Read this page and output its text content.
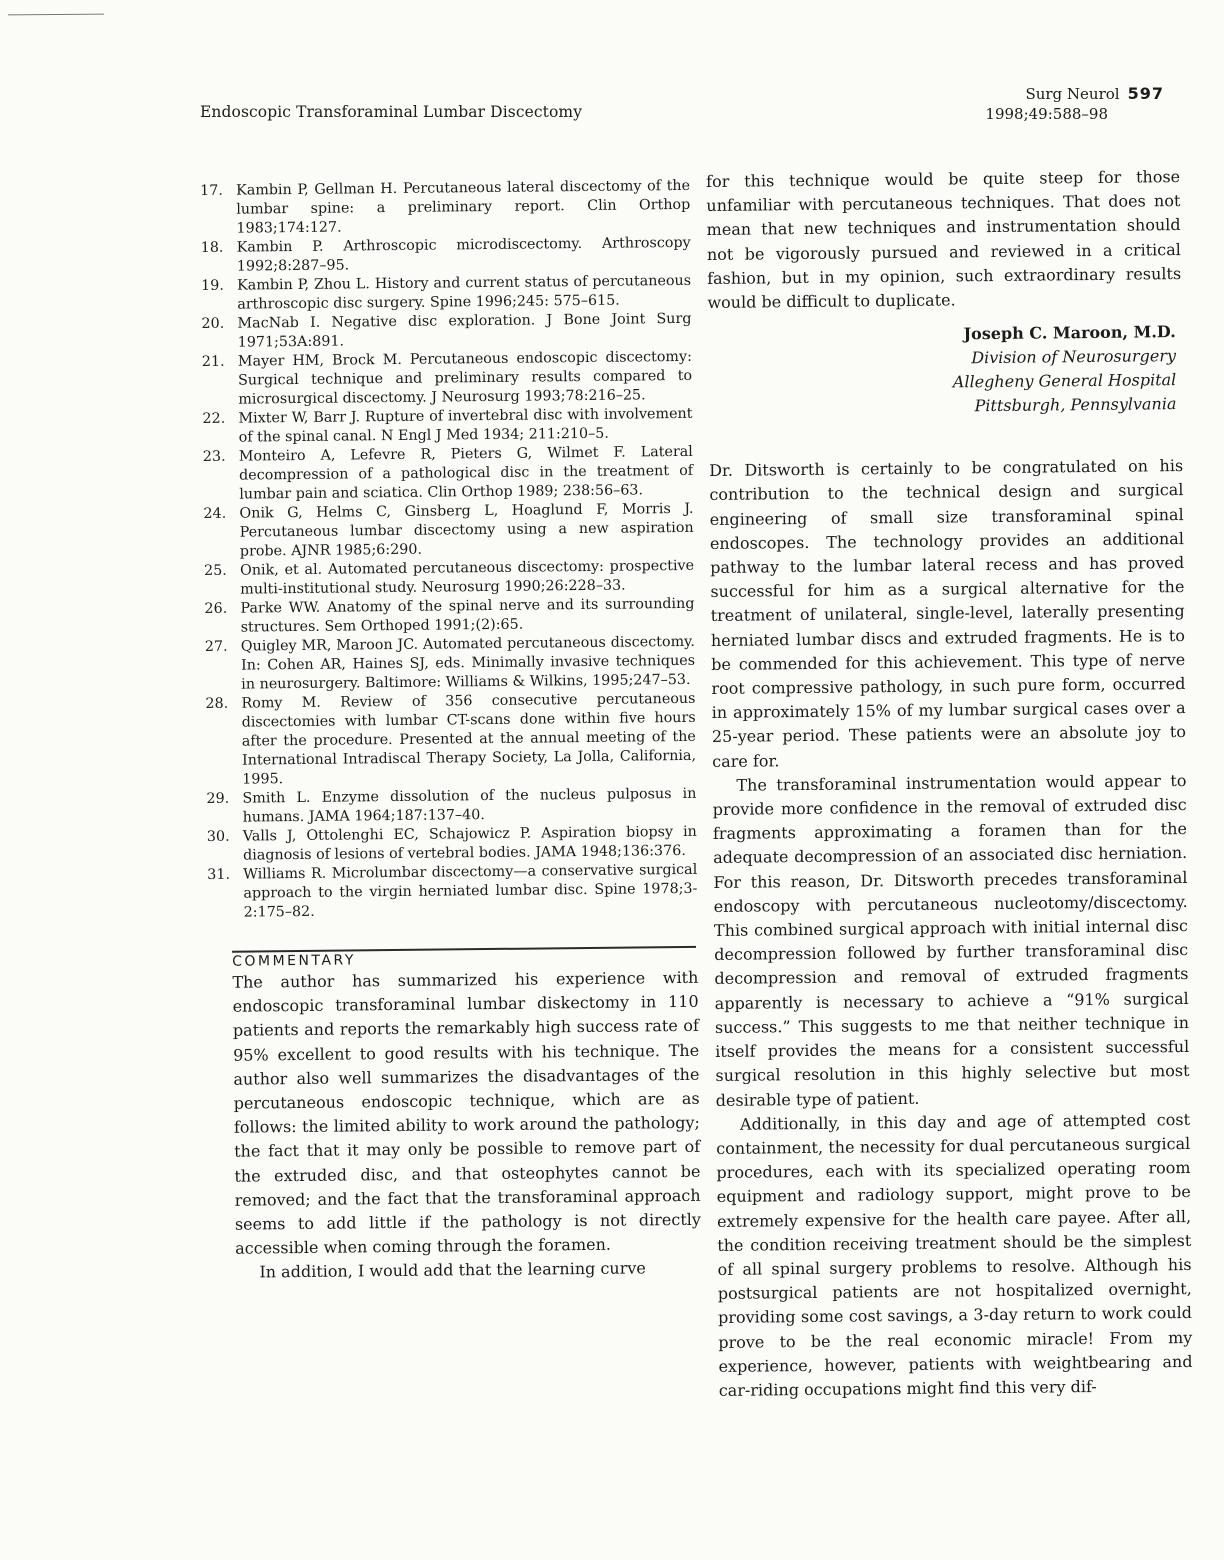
Endoscopic Transforaminal Lumbar Discectomy
Surg Neurol 597
1998;49:588–98
17. Kambin P, Gellman H. Percutaneous lateral discectomy of the lumbar spine: a preliminary report. Clin Orthop 1983;174:127.
18. Kambin P. Arthroscopic microdiscectomy. Arthroscopy 1992;8:287–95.
19. Kambin P, Zhou L. History and current status of percutaneous arthroscopic disc surgery. Spine 1996;245: 575–615.
20. MacNab I. Negative disc exploration. J Bone Joint Surg 1971;53A:891.
21. Mayer HM, Brock M. Percutaneous endoscopic discectomy: Surgical technique and preliminary results compared to microsurgical discectomy. J Neurosurg 1993;78:216–25.
22. Mixter W, Barr J. Rupture of invertebral disc with involvement of the spinal canal. N Engl J Med 1934; 211:210–5.
23. Monteiro A, Lefevre R, Pieters G, Wilmet F. Lateral decompression of a pathological disc in the treatment of lumbar pain and sciatica. Clin Orthop 1989; 238:56–63.
24. Onik G, Helms C, Ginsberg L, Hoaglund F, Morris J. Percutaneous lumbar discectomy using a new aspiration probe. AJNR 1985;6:290.
25. Onik, et al. Automated percutaneous discectomy: prospective multi-institutional study. Neurosurg 1990;26:228–33.
26. Parke WW. Anatomy of the spinal nerve and its surrounding structures. Sem Orthoped 1991;(2):65.
27. Quigley MR, Maroon JC. Automated percutaneous discectomy. In: Cohen AR, Haines SJ, eds. Minimally invasive techniques in neurosurgery. Baltimore: Williams & Wilkins, 1995;247–53.
28. Romy M. Review of 356 consecutive percutaneous discectomies with lumbar CT-scans done within five hours after the procedure. Presented at the annual meeting of the International Intradiscal Therapy Society, La Jolla, California, 1995.
29. Smith L. Enzyme dissolution of the nucleus pulposus in humans. JAMA 1964;187:137–40.
30. Valls J, Ottolenghi EC, Schajowicz P. Aspiration biopsy in diagnosis of lesions of vertebral bodies. JAMA 1948;136:376.
31. Williams R. Microlumbar discectomy—a conservative surgical approach to the virgin herniated lumbar disc. Spine 1978;3-2:175–82.
COMMENTARY

The author has summarized his experience with endoscopic transforaminal lumbar diskectomy in 110 patients and reports the remarkably high success rate of 95% excellent to good results with his technique. The author also well summarizes the disadvantages of the percutaneous endoscopic technique, which are as follows: the limited ability to work around the pathology; the fact that it may only be possible to remove part of the extruded disc, and that osteophytes cannot be removed; and the fact that the transforaminal approach seems to add little if the pathology is not directly accessible when coming through the foramen.

In addition, I would add that the learning curve

for this technique would be quite steep for those unfamiliar with percutaneous techniques. That does not mean that new techniques and instrumentation should not be vigorously pursued and reviewed in a critical fashion, but in my opinion, such extraordinary results would be difficult to duplicate.

Joseph C. Maroon, M.D.
Division of Neurosurgery
Allegheny General Hospital
Pittsburgh, Pennsylvania

Dr. Ditsworth is certainly to be congratulated on his contribution to the technical design and surgical engineering of small size transforaminal spinal endoscopes. The technology provides an additional pathway to the lumbar lateral recess and has proved successful for him as a surgical alternative for the treatment of unilateral, single-level, laterally presenting herniated lumbar discs and extruded fragments. He is to be commended for this achievement. This type of nerve root compressive pathology, in such pure form, occurred in approximately 15% of my lumbar surgical cases over a 25-year period. These patients were an absolute joy to care for.

The transforaminal instrumentation would appear to provide more confidence in the removal of extruded disc fragments approximating a foramen than for the adequate decompression of an associated disc herniation. For this reason, Dr. Ditsworth precedes transforaminal endoscopy with percutaneous nucleotomy/discectomy. This combined surgical approach with initial internal disc decompression followed by further transforaminal disc decompression and removal of extruded fragments apparently is necessary to achieve a “91% surgical success.” This suggests to me that neither technique in itself provides the means for a consistent successful surgical resolution in this highly selective but most desirable type of patient.

Additionally, in this day and age of attempted cost containment, the necessity for dual percutaneous surgical procedures, each with its specialized operating room equipment and radiology support, might prove to be extremely expensive for the health care payee. After all, the condition receiving treatment should be the simplest of all spinal surgery problems to resolve. Although his postsurgical patients are not hospitalized overnight, providing some cost savings, a 3-day return to work could prove to be the real economic miracle! From my experience, however, patients with weightbearing and car-riding occupations might find this very dif-
